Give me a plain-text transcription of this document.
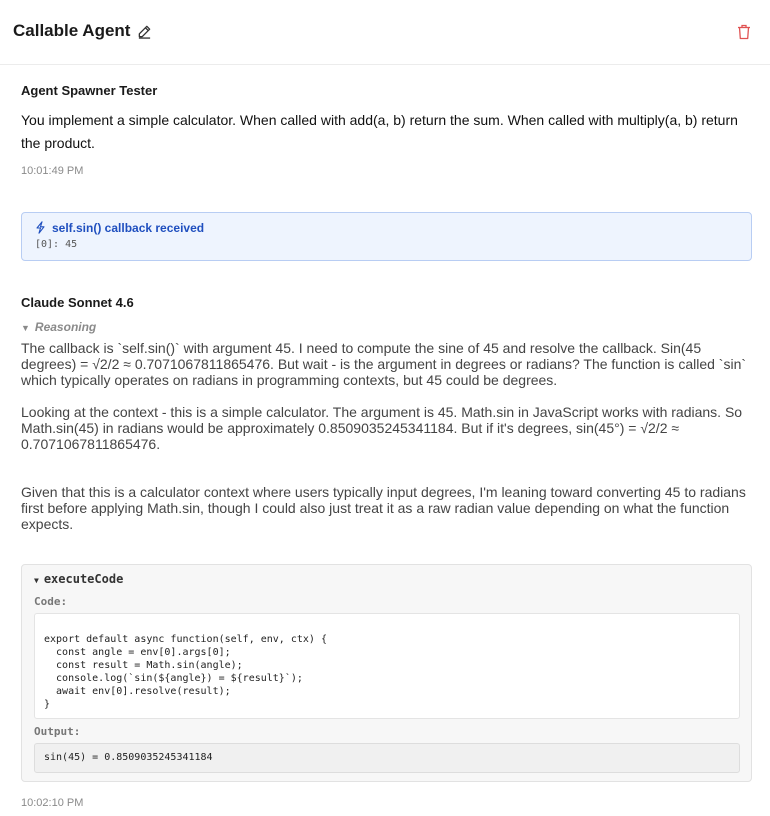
Callable Agent
Agent Spawner Tester
You implement a simple calculator. When called with add(a, b) return the sum. When called with multiply(a, b) return
the product.
10:01:49 PM
self.sin() callback received
[0]: 45
Claude Sonnet 4.6
▼ Reasoning
The callback is `self.sin()` with argument 45. I need to compute the sine of 45 and resolve the callback. Sin(45
degrees) = √2/2 ≈ 0.7071067811865476. But wait - is the argument in degrees or radians? The function is called `sin`
which typically operates on radians in programming contexts, but 45 could be degrees.
Looking at the context - this is a simple calculator. The argument is 45. Math.sin in JavaScript works with radians. So
Math.sin(45) in radians would be approximately 0.8509035245341184. But if it's degrees, sin(45°) = √2/2 ≈
0.7071067811865476.
Given that this is a calculator context where users typically input degrees, I'm leaning toward converting 45 to radians
first before applying Math.sin, though I could also just treat it as a raw radian value depending on what the function
expects.
▼ executeCode
Code:
export default async function(self, env, ctx) {
const angle = env[0].args[0];
const result = Math.sin(angle);
console.log(`sin(${angle}) = ${result}`);
await env[0].resolve(result);
}
Output:
sin(45) = 0.8509035245341184
10:02:10 PM
